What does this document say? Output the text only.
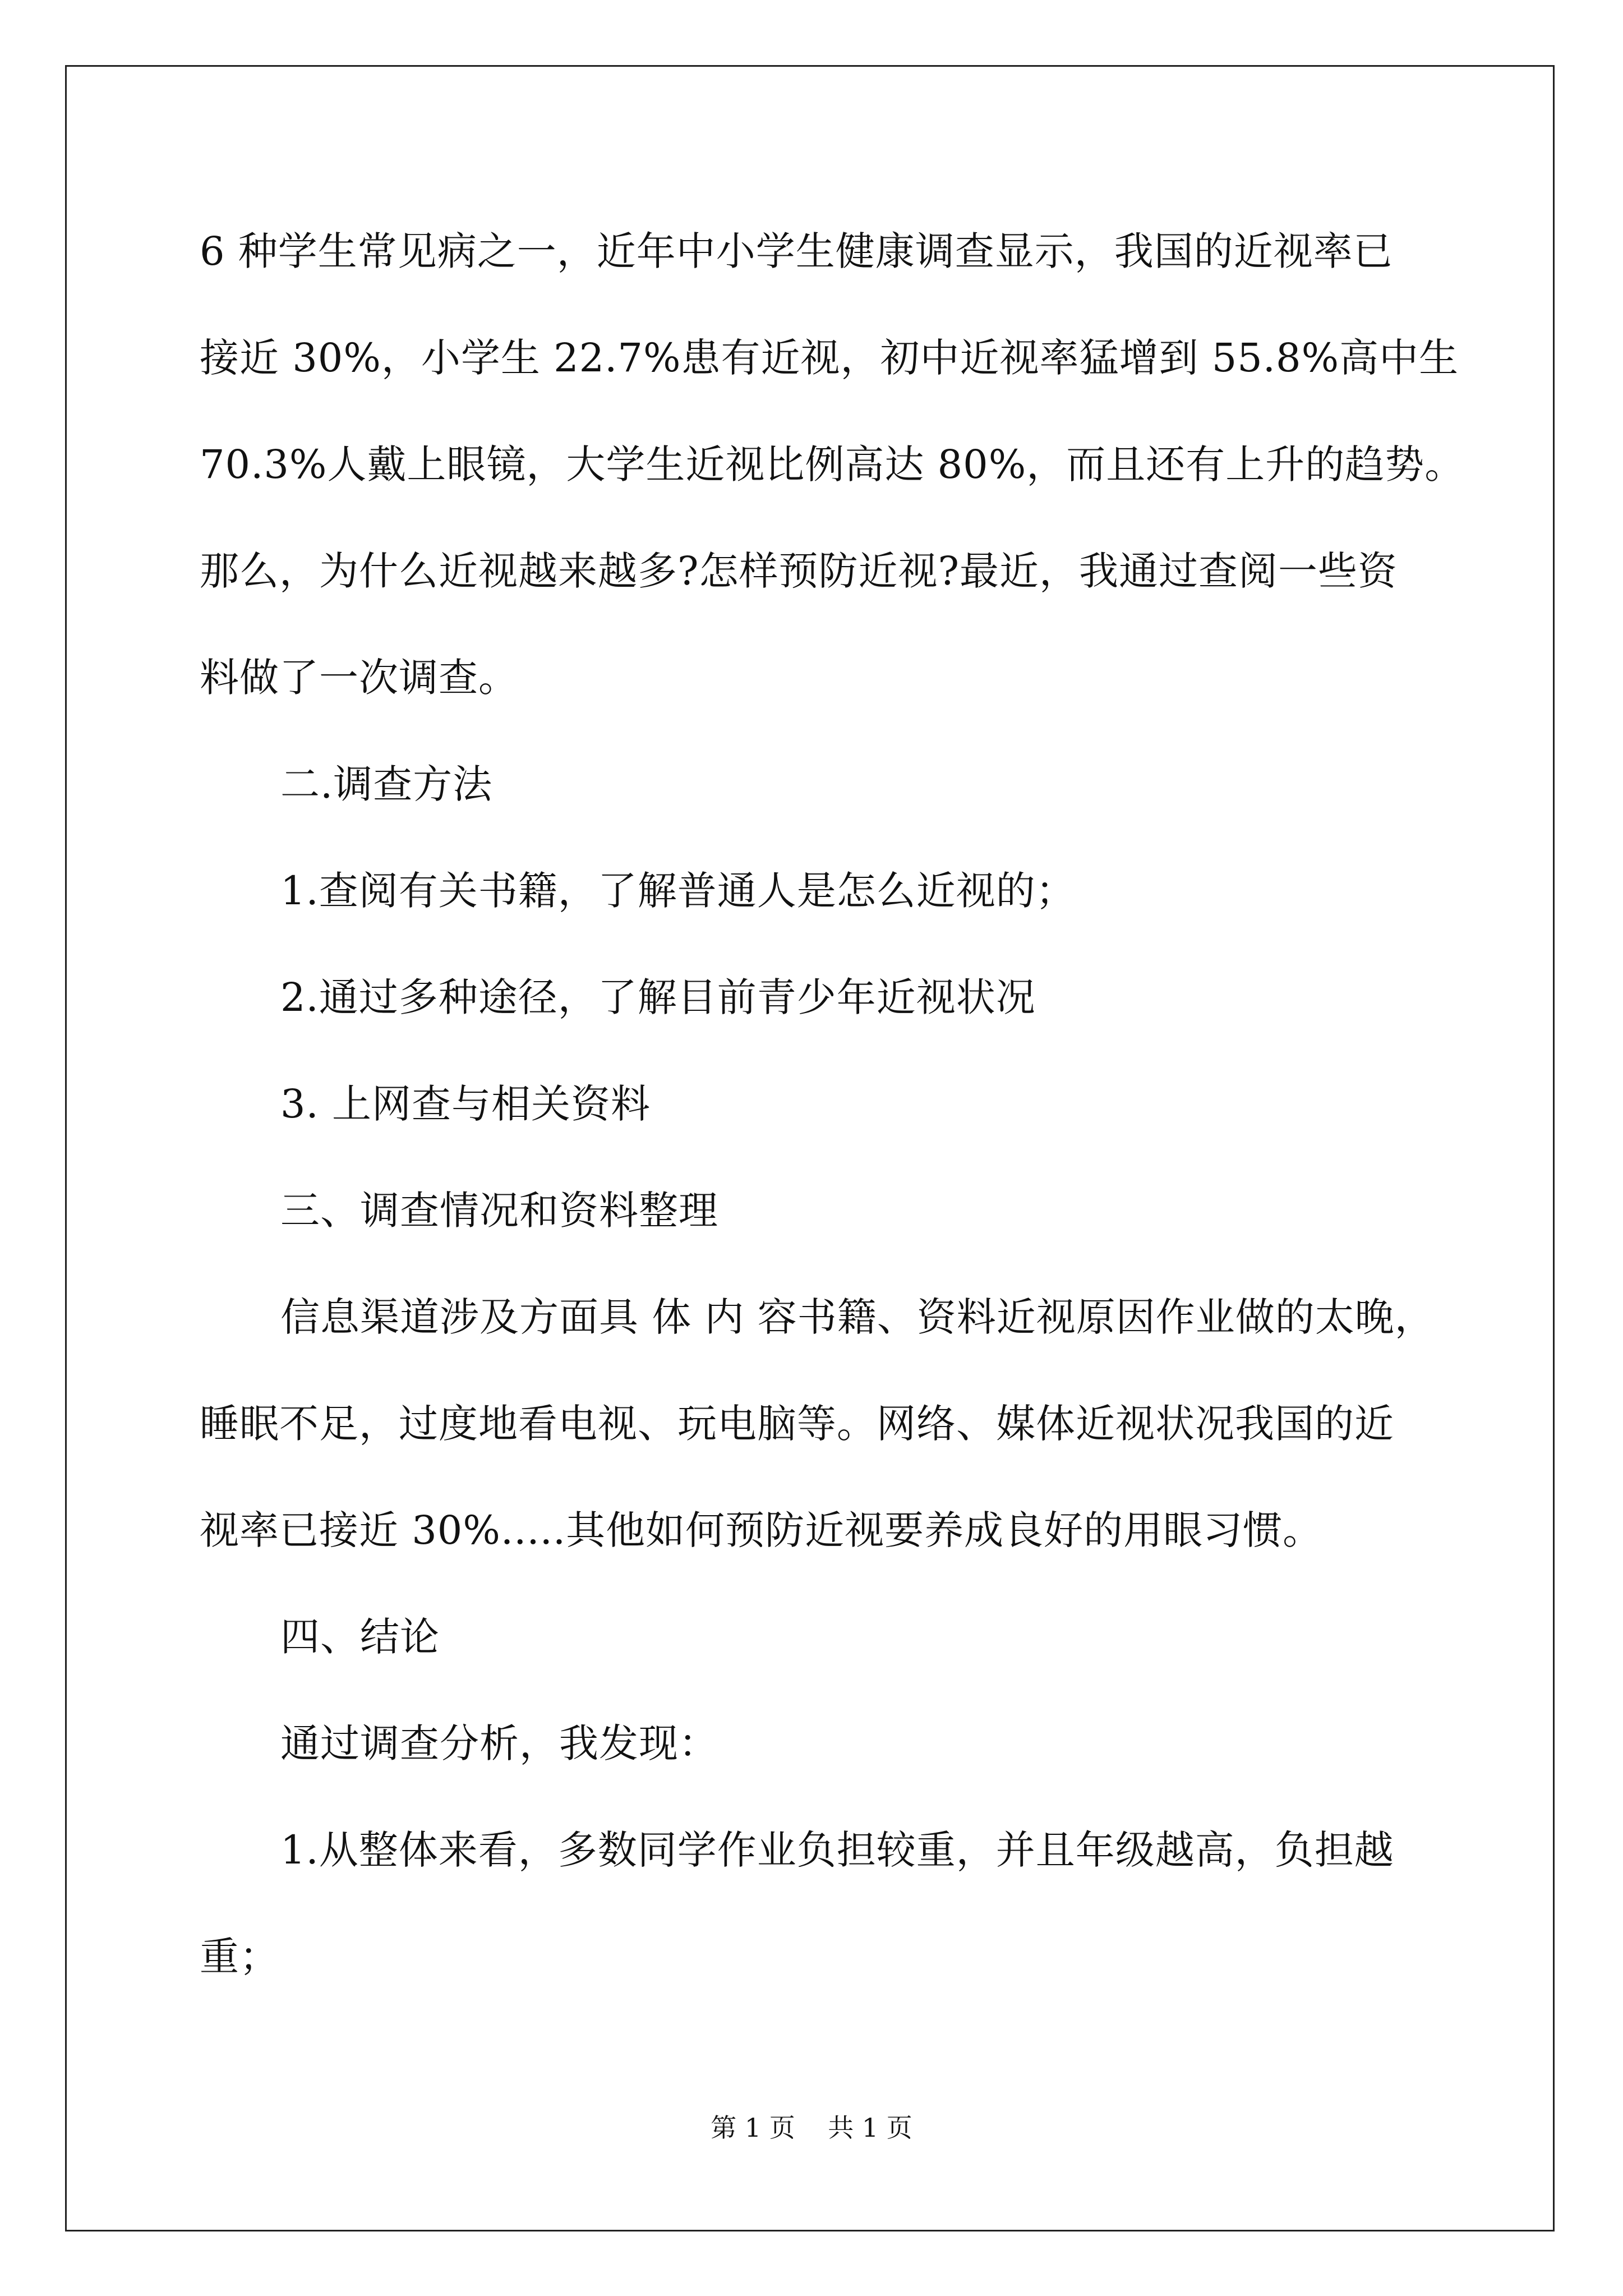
6 种学生常见病之一，近年中小学生健康调查显示，我国的近视率已
接近 30%，小学生 22.7%患有近视，初中近视率猛增到 55.8%高中生
70.3%人戴上眼镜，大学生近视比例高达 80%，而且还有上升的趋势。
那么，为什么近视越来越多?怎样预防近视?最近，我通过查阅一些资
料做了一次调查。
二.调查方法
1.查阅有关书籍，了解普通人是怎么近视的；
2.通过多种途径，了解目前青少年近视状况
3. 上网查与相关资料
三、调查情况和资料整理
信息渠道涉及方面具 体 内 容书籍、资料近视原因作业做的太晚，
睡眠不足，过度地看电视、玩电脑等。网络、媒体近视状况我国的近
视率已接近 30%.....其他如何预防近视要养成良好的用眼习惯。
四、结论
通过调查分析，我发现：
1.从整体来看，多数同学作业负担较重，并且年级越高，负担越
重；
第 1 页    共 1 页
